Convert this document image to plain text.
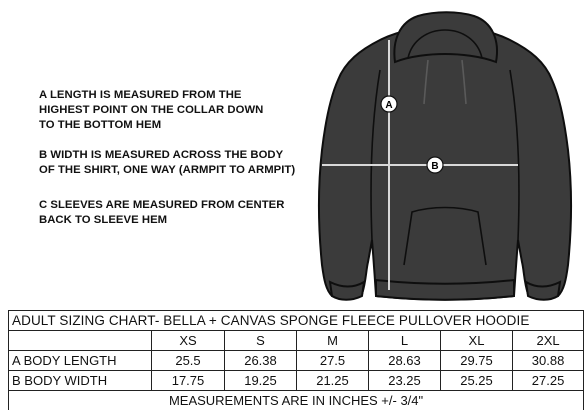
A LENGTH IS MEASURED FROM THE
HIGHEST POINT ON THE COLLAR DOWN
TO THE BOTTOM HEM
B WIDTH IS MEASURED ACROSS THE BODY
OF THE SHIRT, ONE WAY (ARMPIT TO ARMPIT)
C SLEEVES ARE MEASURED FROM CENTER
BACK TO SLEEVE HEM
A
B
ADULT SIZING CHART- BELLA + CANVAS SPONGE FLEECE PULLOVER HOODIE						
	XS	S	M	L	XL	2XL
A BODY LENGTH	25.5	26.38	27.5	28.63	29.75	30.88
B BODY WIDTH	17.75	19.25	21.25	23.25	25.25	27.25
MEASUREMENTS ARE IN INCHES +/- 3/4"						
